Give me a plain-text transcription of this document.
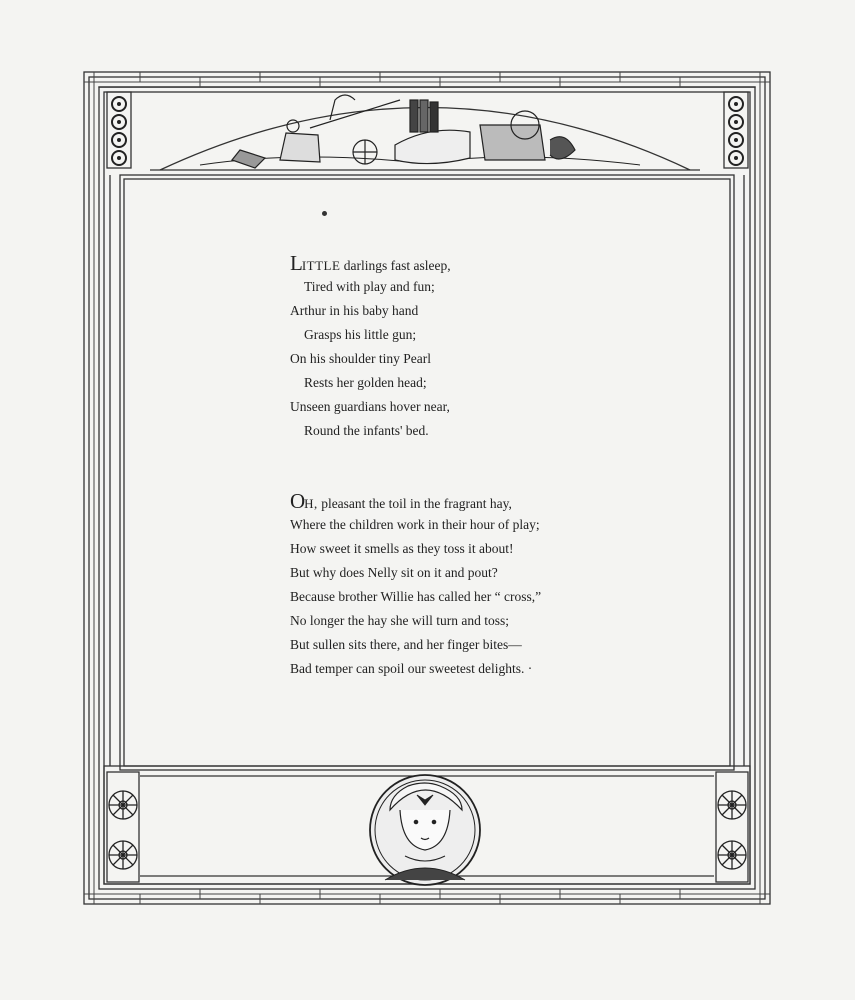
LITTLE darlings fast asleep,
Tired with play and fun;
Arthur in his baby hand
Grasps his little gun;
On his shoulder tiny Pearl
Rests her golden head;
Unseen guardians hover near,
Round the infants' bed.
OH, pleasant the toil in the fragrant hay,
Where the children work in their hour of play;
How sweet it smells as they toss it about!
But why does Nelly sit on it and pout?
Because brother Willie has called her “ cross,”
No longer the hay she will turn and toss;
But sullen sits there, and her finger bites—
Bad temper can spoil our sweetest delights. ·
